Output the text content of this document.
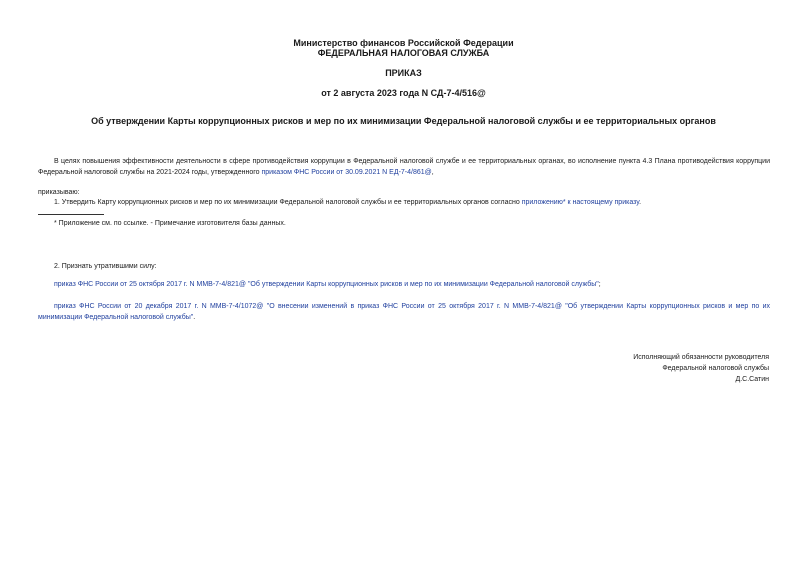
Министерство финансов Российской Федерации
ФЕДЕРАЛЬНАЯ НАЛОГОВАЯ СЛУЖБА
ПРИКАЗ
от 2 августа 2023 года N СД-7-4/516@
Об утверждении Карты коррупционных рисков и мер по их минимизации Федеральной налоговой службы и ее территориальных органов
В целях повышения эффективности деятельности в сфере противодействия коррупции в Федеральной налоговой службе и ее территориальных органах, во исполнение пункта 4.3 Плана противодействия коррупции Федеральной налоговой службы на 2021-2024 годы, утвержденного приказом ФНС России от 30.09.2021 N ЕД-7-4/861@,
приказываю:
1. Утвердить Карту коррупционных рисков и мер по их минимизации Федеральной налоговой службы и ее территориальных органов согласно приложению* к настоящему приказу.
* Приложение см. по ссылке. - Примечание изготовителя базы данных.
2. Признать утратившими силу:
приказ ФНС России от 25 октября 2017 г. N ММВ-7-4/821@ "Об утверждении Карты коррупционных рисков и мер по их минимизации Федеральной налоговой службы";
приказ ФНС России от 20 декабря 2017 г. N ММВ-7-4/1072@ "О внесении изменений в приказ ФНС России от 25 октября 2017 г. N ММВ-7-4/821@ "Об утверждении Карты коррупционных рисков и мер по их минимизации Федеральной налоговой службы".
Исполняющий обязанности руководителя
Федеральной налоговой службы
Д.С.Сатин
